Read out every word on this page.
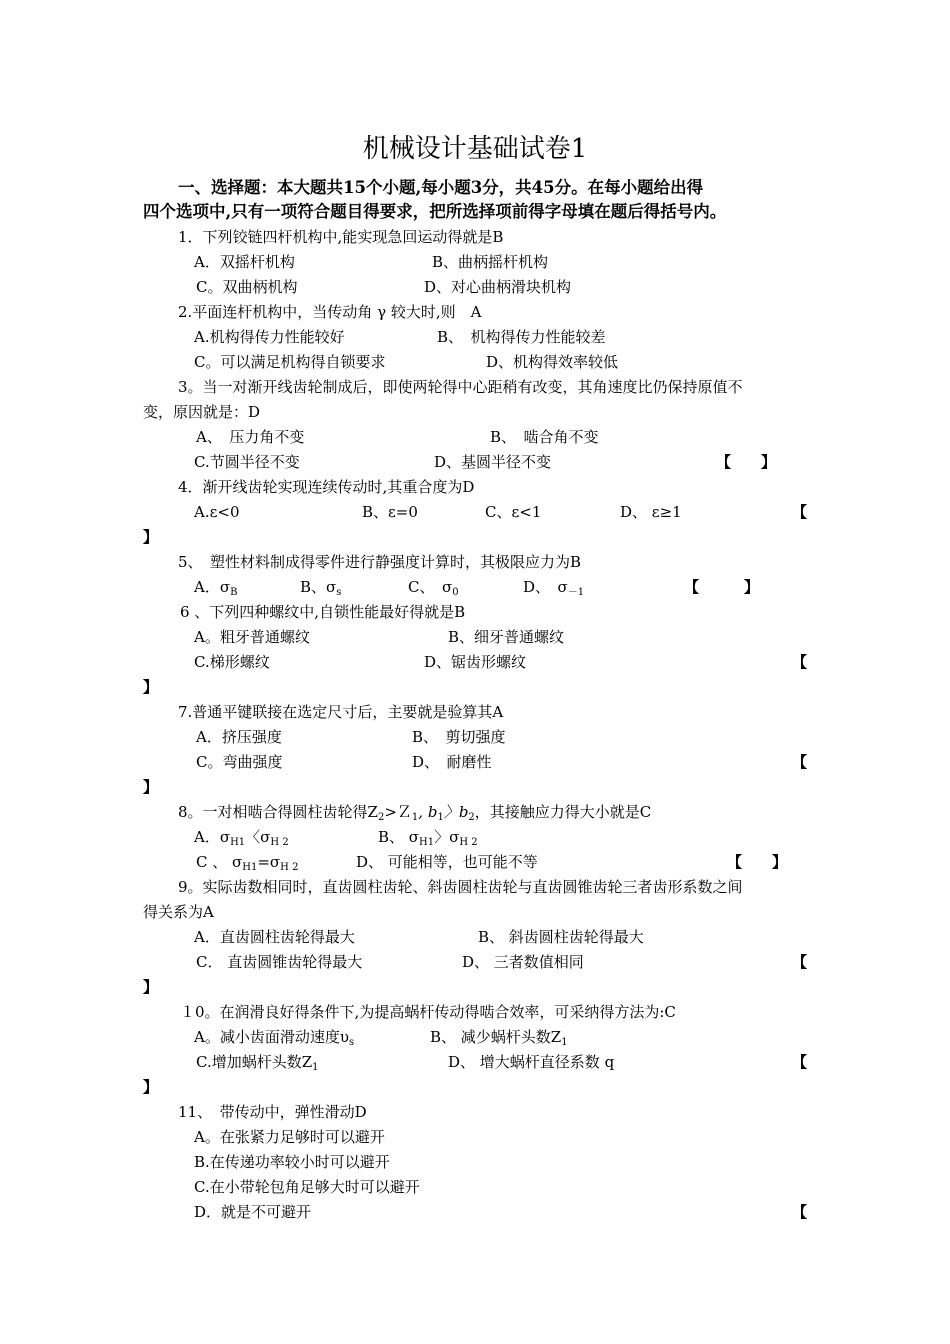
机械设计基础试卷1
一、选择题：本大题共15个小题,每小题3分，共45分。在每小题给出得
四个选项中,只有一项符合题目得要求，把所选择项前得字母填在题后得括号内。
1．下列铰链四杆机构中,能实现急回运动得就是B
A．双摇杆机构	B、曲柄摇杆机构
C。双曲柄机构	D、对心曲柄滑块机构
2.平面连杆机构中，当传动角 γ 较大时,则　A
A.机构得传力性能较好	B、　机构得传力性能较差
C。可以满足机构得自锁要求	D、机构得效率较低
3。当一对渐开线齿轮制成后，即使两轮得中心距稍有改变，其角速度比仍保持原值不
变，原因就是：D
A、　压力角不变	B、　啮合角不变
C.节圆半径不变	D、基圆半径不变	【　　】
4．渐开线齿轮实现连续传动时,其重合度为D
A.ε<0	B、ε=0	C、ε<1	D、 ε≥1	【
】
5、　塑性材料制成得零件进行静强度计算时，其极限应力为B
A．$\sigma_B$	B、$\sigma_s$	C、　$\sigma_0$	D、　$\sigma_{-1}$	【　　　】
6 、下列四种螺纹中,自锁性能最好得就是B
A。粗牙普通螺纹	B、细牙普通螺纹
C.梯形螺纹	D、锯齿形螺纹	【
】
7.普通平键联接在选定尺寸后，主要就是验算其A
A．挤压强度	B、　剪切强度
C。弯曲强度	D、　耐磨性	【
】
8。一对相啮合得圆柱齿轮得$Z_2>Z_1$, $b_1$〉$b_2$，其接触应力得大小就是C
A．$\sigma_{H1}$〈$\sigma_{H 2}$	B、 $\sigma_{H1}$〉$\sigma_{H 2}$
C 、 $\sigma_{H1}=\sigma_{H 2}$	D、 可能相等，也可能不等	【　　】
9。实际齿数相同时，直齿圆柱齿轮、斜齿圆柱齿轮与直齿圆锥齿轮三者齿形系数之间
得关系为A
A．直齿圆柱齿轮得最大	B、 斜齿圆柱齿轮得最大
C． 直齿圆锥齿轮得最大	D、 三者数值相同	【
】
１0。在润滑良好得条件下,为提高蜗杆传动得啮合效率，可采纳得方法为:C
A。减小齿面滑动速度$\upsilon_s$	B、 减少蜗杆头数$Z_1$
C.增加蜗杆头数$Z_1$	D、 增大蜗杆直径系数 q	【
】
11、　带传动中，弹性滑动D
A。在张紧力足够时可以避开
B.在传递功率较小时可以避开
C.在小带轮包角足够大时可以避开
D．就是不可避开	【
